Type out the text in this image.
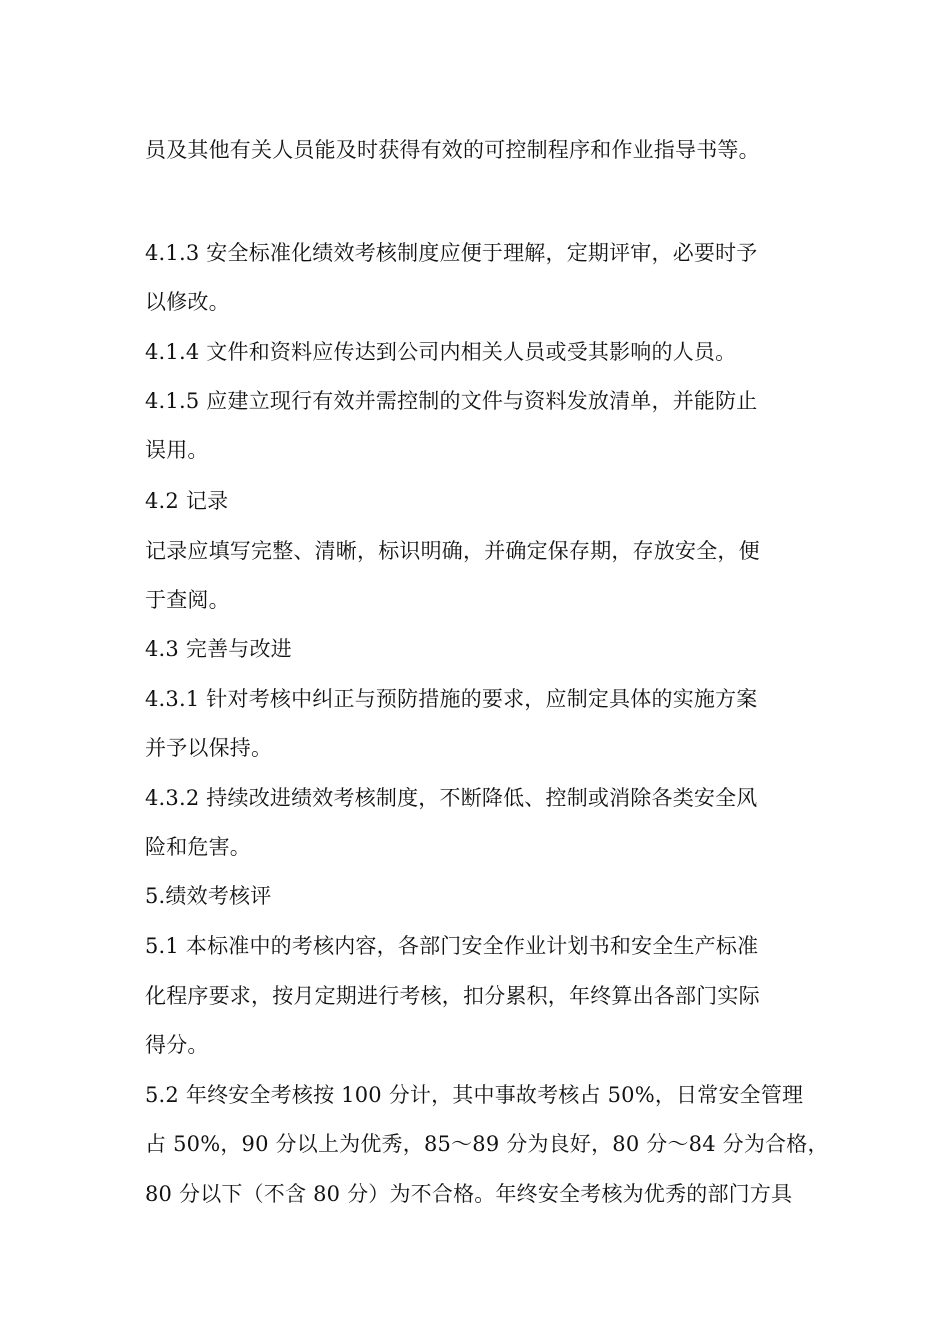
员及其他有关人员能及时获得有效的可控制程序和作业指导书等。
4.1.3 安全标准化绩效考核制度应便于理解，定期评审，必要时予
以修改。
4.1.4 文件和资料应传达到公司内相关人员或受其影响的人员。
4.1.5 应建立现行有效并需控制的文件与资料发放清单，并能防止
误用。
4.2 记录
记录应填写完整、清晰，标识明确，并确定保存期，存放安全，便
于查阅。
4.3 完善与改进
4.3.1 针对考核中纠正与预防措施的要求，应制定具体的实施方案
并予以保持。
4.3.2 持续改进绩效考核制度，不断降低、控制或消除各类安全风
险和危害。
5.绩效考核评
5.1 本标准中的考核内容，各部门安全作业计划书和安全生产标准
化程序要求，按月定期进行考核，扣分累积，年终算出各部门实际
得分。
5.2 年终安全考核按 100 分计，其中事故考核占 50%，日常安全管理
占 50%，90 分以上为优秀，85～89 分为良好，80 分～84 分为合格，
80 分以下（不含 80 分）为不合格。年终安全考核为优秀的部门方具
